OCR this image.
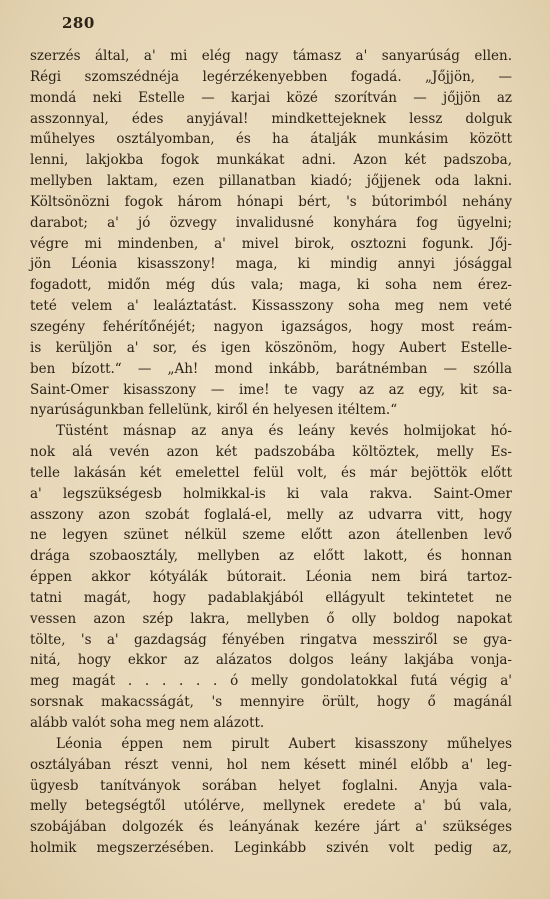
280
szerzés által, a' mi elég nagy támasz a' sanyarúság ellen.
Régi szomszédnéja legérzékenyebben fogadá. „Jőjjön, —
mondá neki Estelle — karjai közé szorítván — jőjjön az
asszonnyal, édes anyjával! mindkettejeknek lessz dolguk
műhelyes osztályomban, és ha átalják munkásim között
lenni, lakjokba fogok munkákat adni. Azon két padszoba,
mellyben laktam, ezen pillanatban kiadó; jőjjenek oda lakni.
Költsönözni fogok három hónapi bért, 's bútorimból nehány
darabot; a' jó özvegy invalidusné konyhára fog ügyelni;
végre mi mindenben, a' mivel birok, osztozni fogunk. Jőj-
jön Léonia kisasszony! maga, ki mindig annyi jósággal
fogadott, midőn még dús vala; maga, ki soha nem érez-
teté velem a' lealáztatást. Kissasszony soha meg nem veté
szegény fehérítőnéjét; nagyon igazságos, hogy most reám-
is kerüljön a' sor, és igen köszönöm, hogy Aubert Estelle-
ben bízott.“ — „Ah! mond inkább, barátnémban — szólla
Saint-Omer kisasszony — ime! te vagy az az egy, kit sa-
nyarúságunkban fellelünk, kiről én helyesen itéltem.“
Tüstént másnap az anya és leány kevés holmijokat hó-
nok alá vevén azon két padszobába költöztek, melly Es-
telle lakásán két emelettel felül volt, és már bejöttök előtt
a' legszükségesb holmikkal-is ki vala rakva. Saint-Omer
asszony azon szobát foglalá-el, melly az udvarra vitt, hogy
ne legyen szünet nélkül szeme előtt azon átellenben levő
drága szobaosztály, mellyben az előtt lakott, és honnan
éppen akkor kótyálák bútorait. Léonia nem birá tartoz-
tatni magát, hogy padablakjából ellágyult tekintetet ne
vessen azon szép lakra, mellyben ő olly boldog napokat
tölte, 's a' gazdagság fényében ringatva messziről se gya-
nitá, hogy ekkor az alázatos dolgos leány lakjába vonja-
meg magát . . . . . . ó melly gondolatokkal futá végig a'
sorsnak makacsságát, 's mennyire örült, hogy ő magánál
alább valót soha meg nem alázott.
Léonia éppen nem pirult Aubert kisasszony műhelyes
osztályában részt venni, hol nem késett minél előbb a' leg-
ügyesb tanítványok sorában helyet foglalni. Anyja vala-
melly betegségtől utólérve, mellynek eredete a' bú vala,
szobájában dolgozék és leányának kezére járt a' szükséges
holmik megszerzésében. Leginkább szivén volt pedig az,
